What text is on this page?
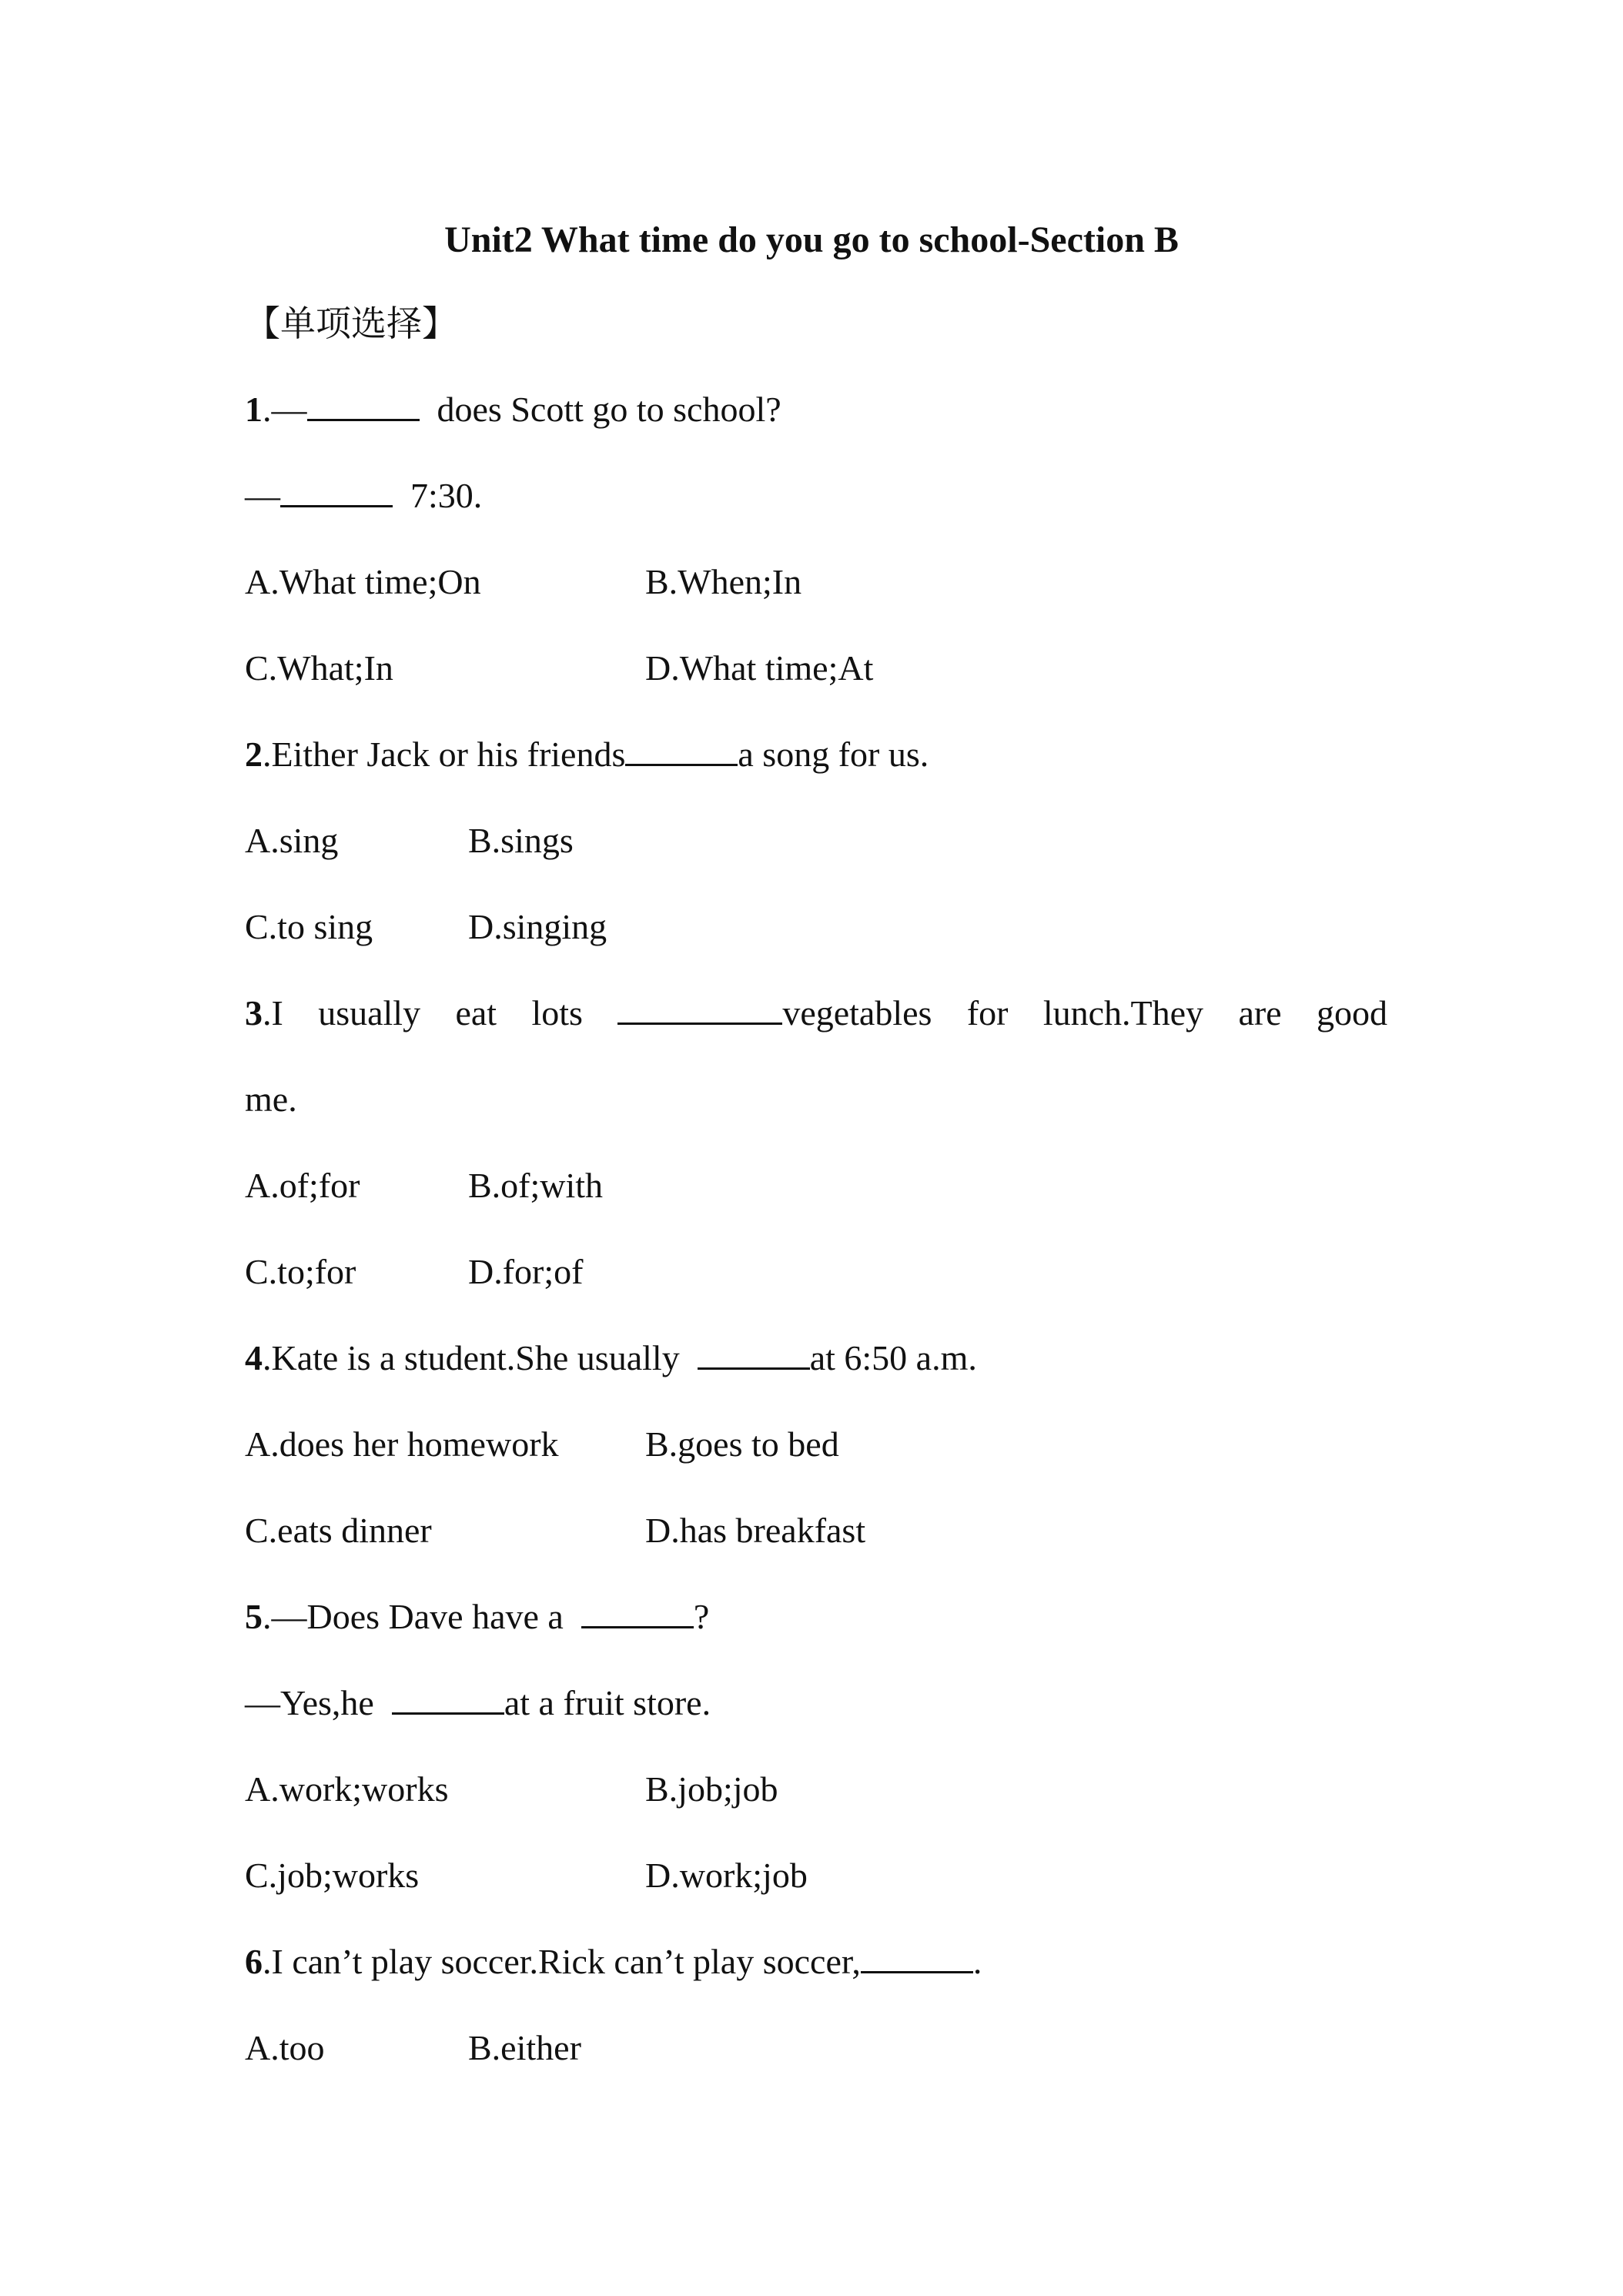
Unit2 What time do you go to school-Section B
【单项选择】
1.—	does Scott go to school?
—	7:30.
A.What time;On	B.When;In
C.What;In	D.What time;At
2.Either Jack or his friends	a song for us.
A.sing	B.sings
C.to sing	D.singing
3.I usually eat lots	vegetables for lunch.They are good
me.
A.of;for	B.of;with
C.to;for	D.for;of
4.Kate is a student.She usually	at 6:50 a.m.
A.does her homework B.goes to bed
C.eats dinner	D.has breakfast
5.—Does Dave have a	?
—Yes,he	at a fruit store.
A.work;works	B.job;job
C.job;works	D.work;job
6.I can’t play soccer.Rick can’t play soccer,	.
A.too	B.either
